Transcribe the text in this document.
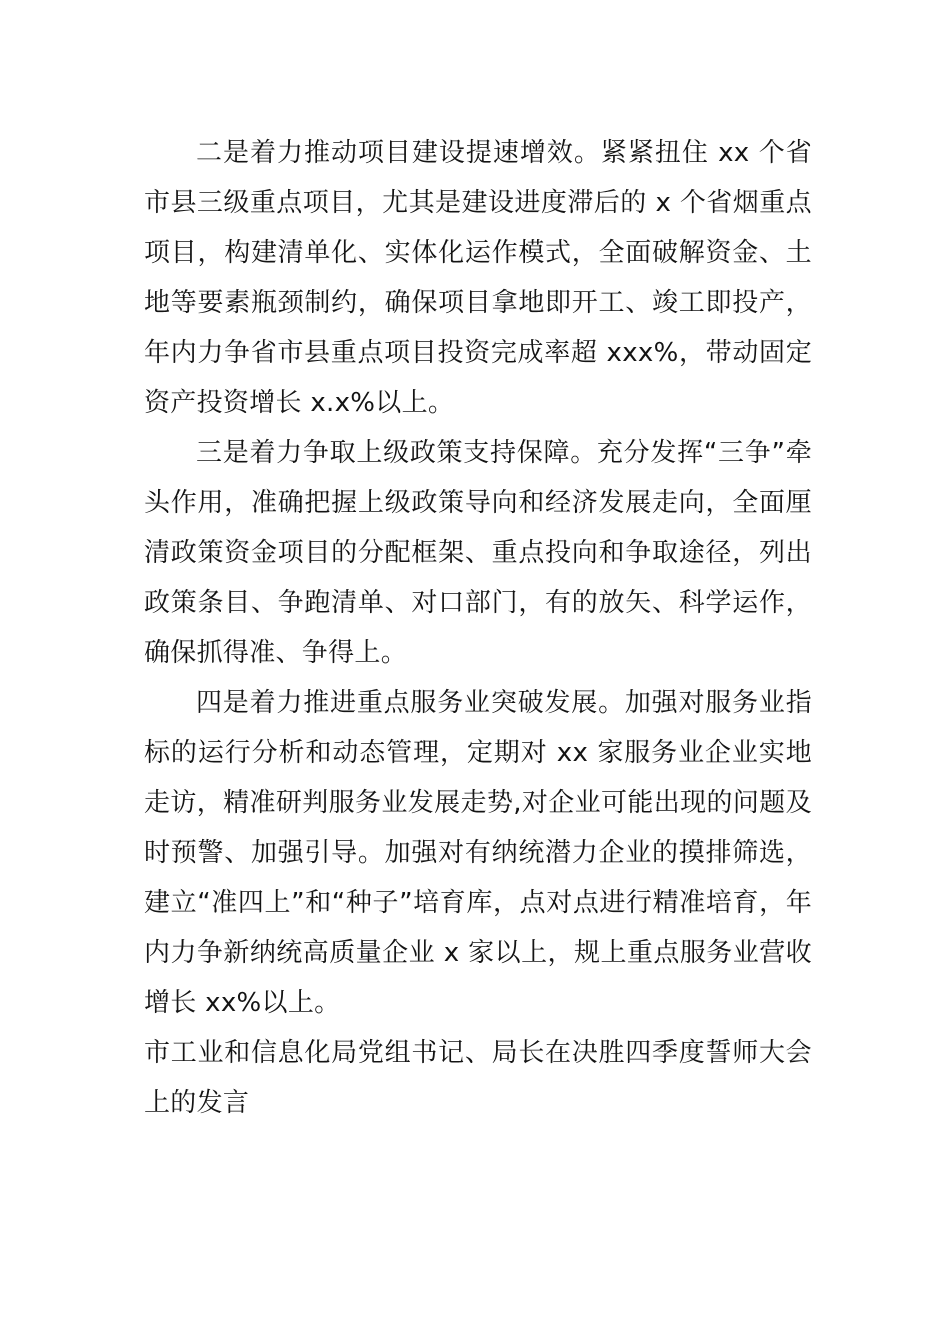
二是着力推动项目建设提速增效。紧紧扭住 xx 个省市县三级重点项目，尤其是建设进度滞后的 x 个省烟重点项目，构建清单化、实体化运作模式，全面破解资金、土地等要素瓶颈制约，确保项目拿地即开工、竣工即投产，年内力争省市县重点项目投资完成率超 xxx%，带动固定资产投资增长 x.x%以上。

三是着力争取上级政策支持保障。充分发挥“三争”牵头作用，准确把握上级政策导向和经济发展走向，全面厘清政策资金项目的分配框架、重点投向和争取途径，列出政策条目、争跑清单、对口部门，有的放矢、科学运作，确保抓得准、争得上。

四是着力推进重点服务业突破发展。加强对服务业指标的运行分析和动态管理，定期对 xx 家服务业企业实地走访，精准研判服务业发展走势,对企业可能出现的问题及时预警、加强引导。加强对有纳统潜力企业的摸排筛选，建立“准四上”和“种子”培育库，点对点进行精准培育，年内力争新纳统高质量企业 x 家以上，规上重点服务业营收增长 xx%以上。

市工业和信息化局党组书记、局长在决胜四季度誓师大会上的发言
